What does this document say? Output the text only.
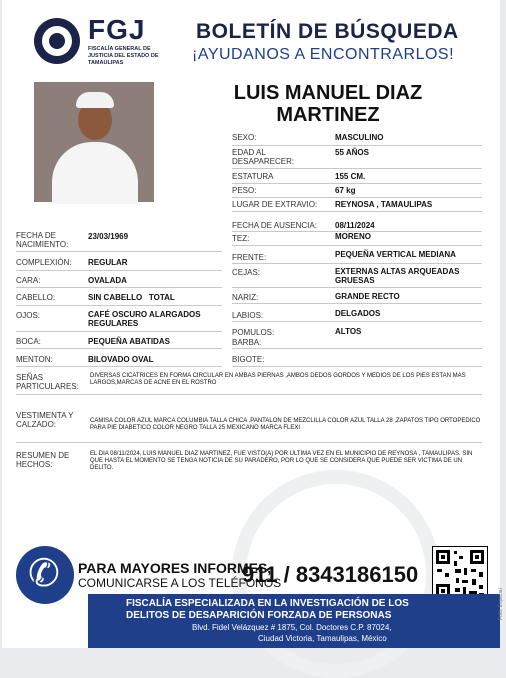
FGJ
FISCALÍA GENERAL DE JUSTICIA DEL ESTADO DE TAMAULIPAS
BOLETÍN DE BÚSQUEDA
¡AYUDANOS A ENCONTRARLOS!
LUIS MANUEL DIAZ
MARTINEZ
SEXO:	MASCULINO
EDAD AL DESAPARECER:
55 AÑOS
ESTATURA	155 CM.
PESO:	67 kg
LUGAR DE EXTRAVIO:	REYNOSA , TAMAULIPAS
FECHA DE AUSENCIA:	08/11/2024
TEZ:	MORENO
FRENTE:	PEQUEÑA VERTICAL MEDIANA
CEJAS:	EXTERNAS ALTAS ARQUEADAS GRUESAS
NARIZ:	GRANDE RECTO
LABIOS:	DELGADOS
POMULOS:	ALTOS
BARBA:
BIGOTE:
FECHA DE NACIMIENTO:
23/03/1969
COMPLEXIÓN:	REGULAR
CARA:	OVALADA
CABELLO:	SIN CABELLO   TOTAL
OJOS:	CAFÉ OSCURO ALARGADOS REGULARES
BOCA:	PEQUEÑA ABATIDAS
MENTON:	BILOVADO OVAL
SEÑAS PARTICULARES:
DIVERSAS CICATRICES EN FORMA CIRCULAR EN AMBAS PIERNAS ,AMBOS DEDOS GORDOS Y MEDIOS DE LOS PIES ESTAN MAS LARGOS,MARCAS DE ACNE EN EL ROSTRO
VESTIMENTA Y CALZADO:	CAMISA COLOR AZUL MARCA COLUMBIA TALLA CHICA ,PANTALON DE MEZCLILLA COLOR AZUL TALLA 28 ,ZAPATOS TIPO ORTOPEDICO PARA PIE DIABETICO COLOR NEGRO TALLA 25 MEXICANO MARCA FLEXI
RESUMEN DE HECHOS:
EL DIA 08/11/2024, LUIS MANUEL DIAZ MARTINEZ, FUE VISTO(A) POR ULTIMA VEZ EN EL MUNICIPIO DE REYNOSA , TAMAULIPAS. SIN QUE HASTA EL MOMENTO SE TENGA NOTICIA DE SU PARADERO, POR LO QUE SE CONSIDERA QUE PUEDE SER VICTIMA DE UN DELITO.
✆ PARA MAYORES INFORMES,
COMUNICARSE A LOS TELÉFONOS
911 / 8343186150
FISCALÍA ESPECIALIZADA EN LA INVESTIGACIÓN DE LOS
DELITOS DE DESAPARICIÓN FORZADA DE PERSONAS
Blvd. Fidel Velázquez # 1875, Col. Doctores C.P. 87024,
Ciudad Victoria, Tamaulipas, México
Foto: Especial
